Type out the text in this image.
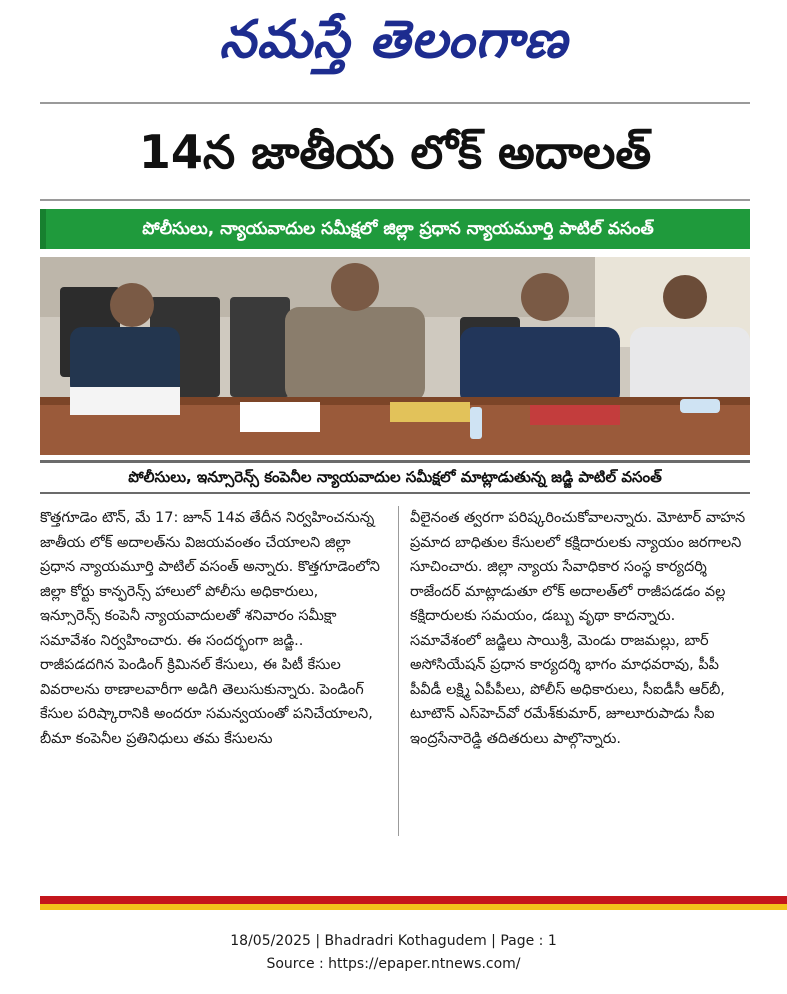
నమస్తే తెలంగాణ
14న జాతీయ లోక్ అదాలత్
పోలీసులు, న్యాయవాదుల సమీక్షలో జిల్లా ప్రధాన న్యాయమూర్తి పాటిల్ వసంత్
పోలీసులు, ఇన్సూరెన్స్ కంపెనీల న్యాయవాదుల సమీక్షలో మాట్లాడుతున్న జడ్జి పాటిల్ వసంత్

కొత్తగూడెం టౌన్, మే 17: జూన్ 14వ తేదీన నిర్వహించనున్న జాతీయ లోక్ అదాలత్‌ను విజయవంతం చేయాలని జిల్లా ప్రధాన న్యాయమూర్తి పాటిల్ వసంత్ అన్నారు. కొత్తగూడెంలోని జిల్లా కోర్టు కాన్ఫరెన్స్ హాలులో పోలీసు అధికారులు, ఇన్సూరెన్స్ కంపెనీ న్యాయవాదులతో శనివారం సమీక్షా సమావేశం నిర్వహించారు. ఈ సందర్భంగా జడ్జి.. రాజీపడదగిన పెండింగ్ క్రిమినల్ కేసులు, ఈ పిటీ కేసుల వివరాలను ఠాణాలవారీగా అడిగి తెలుసుకున్నారు. పెండింగ్ కేసుల పరిష్కారానికి అందరూ సమన్వయంతో పనిచేయాలని, బీమా కంపెనీల ప్రతినిధులు తమ కేసులను

వీలైనంత త్వరగా పరిష్కరించుకోవాలన్నారు. మోటార్ వాహన ప్రమాద బాధితుల కేసులలో కక్షిదారులకు న్యాయం జరగాలని సూచించారు. జిల్లా న్యాయ సేవాధికార సంస్థ కార్యదర్శి రాజేందర్ మాట్లాడుతూ లోక్ అదాలత్‌లో రాజీపడడం వల్ల కక్షిదారులకు సమయం, డబ్బు వృథా కాదన్నారు. సమావేశంలో జడ్జిలు సాయిశ్రీ, మెండు రాజమల్లు, బార్ అసోసియేషన్ ప్రధాన కార్యదర్శి భాగం మాధవరావు, పీపీ పీవీడీ లక్ష్మి ఏపీపీలు, పోలీస్ అధికారులు, సీఐడీసీ ఆర్‌బీ, టూటౌన్ ఎస్‌హెచ్‌వో రమేశ్‌కుమార్, జూలూరుపాడు సీఐ ఇంద్రసేనారెడ్డి తదితరులు పాల్గొన్నారు.

18/05/2025 | Bhadradri Kothagudem | Page : 1
Source : https://epaper.ntnews.com/
